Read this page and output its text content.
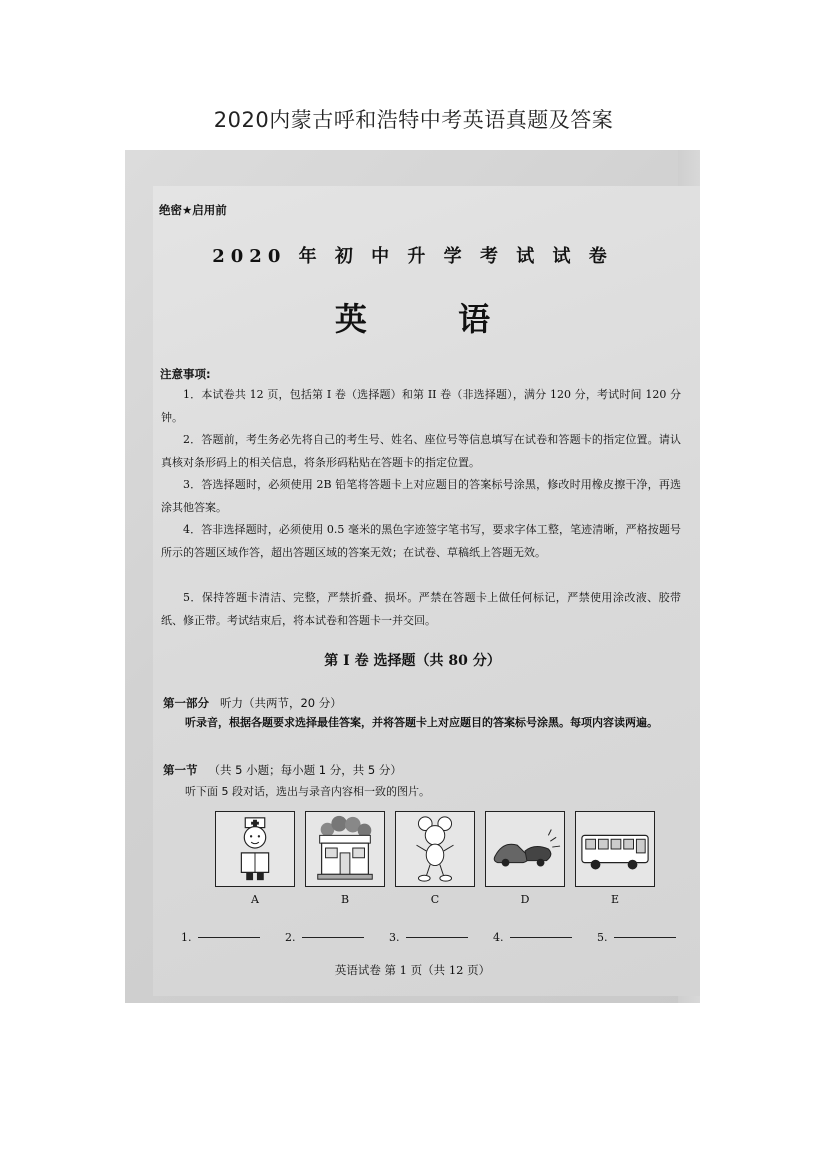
2020内蒙古呼和浩特中考英语真题及答案
绝密★启用前
2020 年 初 中 升 学 考 试 试 卷
英 语
注意事项:
1．本试卷共 12 页，包括第 I 卷（选择题）和第 II 卷（非选择题），满分 120 分，考试时间 120 分钟。
2．答题前，考生务必先将自己的考生号、姓名、座位号等信息填写在试卷和答题卡的指定位置。请认真核对条形码上的相关信息，将条形码粘贴在答题卡的指定位置。
3．答选择题时，必须使用 2B 铅笔将答题卡上对应题目的答案标号涂黑，修改时用橡皮擦干净，再选涂其他答案。
4．答非选择题时，必须使用 0.5 毫米的黑色字迹签字笔书写，要求字体工整，笔迹清晰，严格按题号所示的答题区域作答，超出答题区域的答案无效；在试卷、草稿纸上答题无效。
5．保持答题卡清洁、完整，严禁折叠、损坏。严禁在答题卡上做任何标记，严禁使用涂改液、胶带纸、修正带。考试结束后，将本试卷和答题卡一并交回。
第 I 卷 选择题（共 80 分）
第一部分 听力（共两节，20 分）
听录音，根据各题要求选择最佳答案，并将答题卡上对应题目的答案标号涂黑。每项内容读两遍。
第一节 （共 5 小题；每小题 1 分，共 5 分）
听下面 5 段对话，选出与录音内容相一致的图片。
A	B	C	D	E
1.	2.	3.	4.	5.
英语试卷 第 1 页（共 12 页）
